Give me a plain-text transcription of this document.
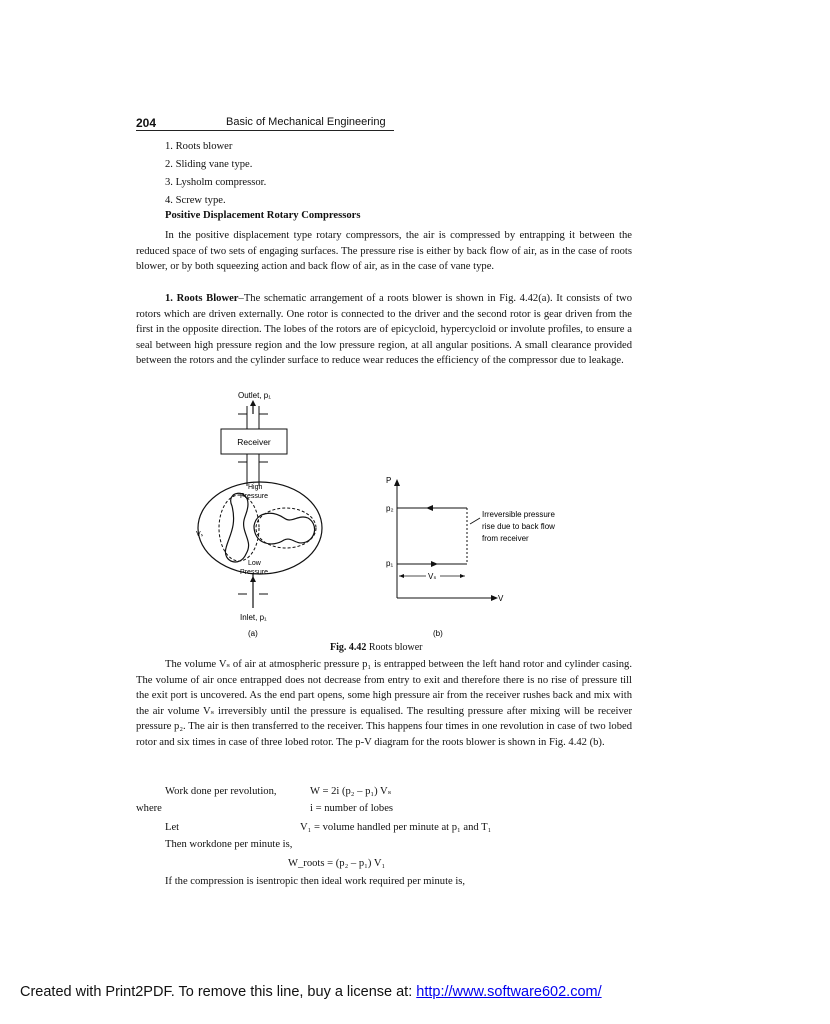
204	Basic of Mechanical Engineering
1. Roots blower
2. Sliding vane type.
3. Lysholm compressor.
4. Screw type.
Positive Displacement Rotary Compressors

In the positive displacement type rotary compressors, the air is compressed by entrapping it between the reduced space of two sets of engaging surfaces. The pressure rise is either by back flow of air, as in the case of roots blower, or by both squeezing action and back flow of air, as in the case of vane type.

1. Roots Blower–The schematic arrangement of a roots blower is shown in Fig. 4.42(a). It consists of two rotors which are driven externally. One rotor is connected to the driver and the second rotor is gear driven from the first in the opposite direction. The lobes of the rotors are of epicycloid, hypercycloid or involute profiles, to ensure a seal between high pressure region and the low pressure region, at all angular positions. A small clearance provided between the rotors and the cylinder surface to reduce wear reduces the efficiency of the compressor due to leakage.

Outlet, p₁
Receiver
High
Pressure
Vₛ
Low
Pressure
Inlet, p₁
(a)
P
V
p₂
p₁
Vₛ
Irreversible pressure
rise due to back flow
from receiver
(b)
Fig. 4.42 Roots blower

The volume Vₛ of air at atmospheric pressure p₁ is entrapped between the left hand rotor and cylinder casing. The volume of air once entrapped does not decrease from entry to exit and therefore there is no rise of pressure till the exit port is uncovered. As the end part opens, some high pressure air from the receiver rushes back and mix with the air volume Vₛ irreversibly until the pressure is equalised. The resulting pressure after mixing will be receiver pressure p₂. The air is then transferred to the receiver. This happens four times in one revolution in case of two lobed rotor and six times in case of three lobed rotor. The p-V diagram for the roots blower is shown in Fig. 4.42 (b).

Work done per revolution,	W = 2i (p₂ – p₁) Vₛ
where	i = number of lobes
Let	V₁ = volume handled per minute at p₁ and T₁
Then workdone per minute is,
W_roots = (p₂ – p₁) V₁
If the compression is isentropic then ideal work required per minute is,
Created with Print2PDF. To remove this line, buy a license at: http://www.software602.com/
